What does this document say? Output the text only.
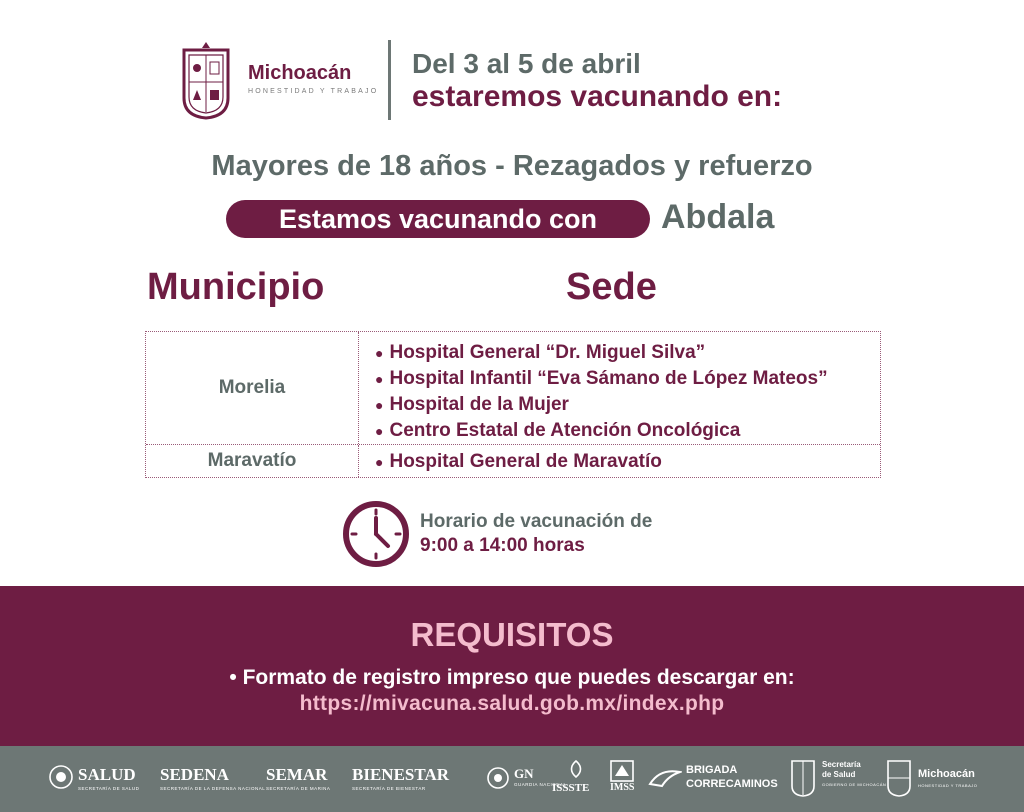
Michoacán
HONESTIDAD Y TRABAJO
Del 3 al 5 de abril
estaremos vacunando en:
Mayores de 18 años - Rezagados y refuerzo
Estamos vacunando con	Abdala
Municipio	Sede
Morelia
● Hospital General “Dr. Miguel Silva”
● Hospital Infantil “Eva Sámano de López Mateos”
● Hospital de la Mujer
● Centro Estatal de Atención Oncológica
Maravatío	● Hospital General de Maravatío
Horario de vacunación de
9:00 a 14:00 horas
REQUISITOS
• Formato de registro impreso que puedes descargar en:
https://mivacuna.salud.gob.mx/index.php
SALUD
SECRETARÍA DE SALUD
SEDENA
SECRETARÍA DE LA DEFENSA NACIONAL
SEMAR
SECRETARÍA DE MARINA
BIENESTAR
SECRETARÍA DE BIENESTAR
GN
GUARDIA NACIONAL
ISSSTE IMSS
BRIGADA
CORRECAMINOS
Secretaría
de Salud
GOBIERNO DE MICHOACÁN
Michoacán
HONESTIDAD Y TRABAJO
